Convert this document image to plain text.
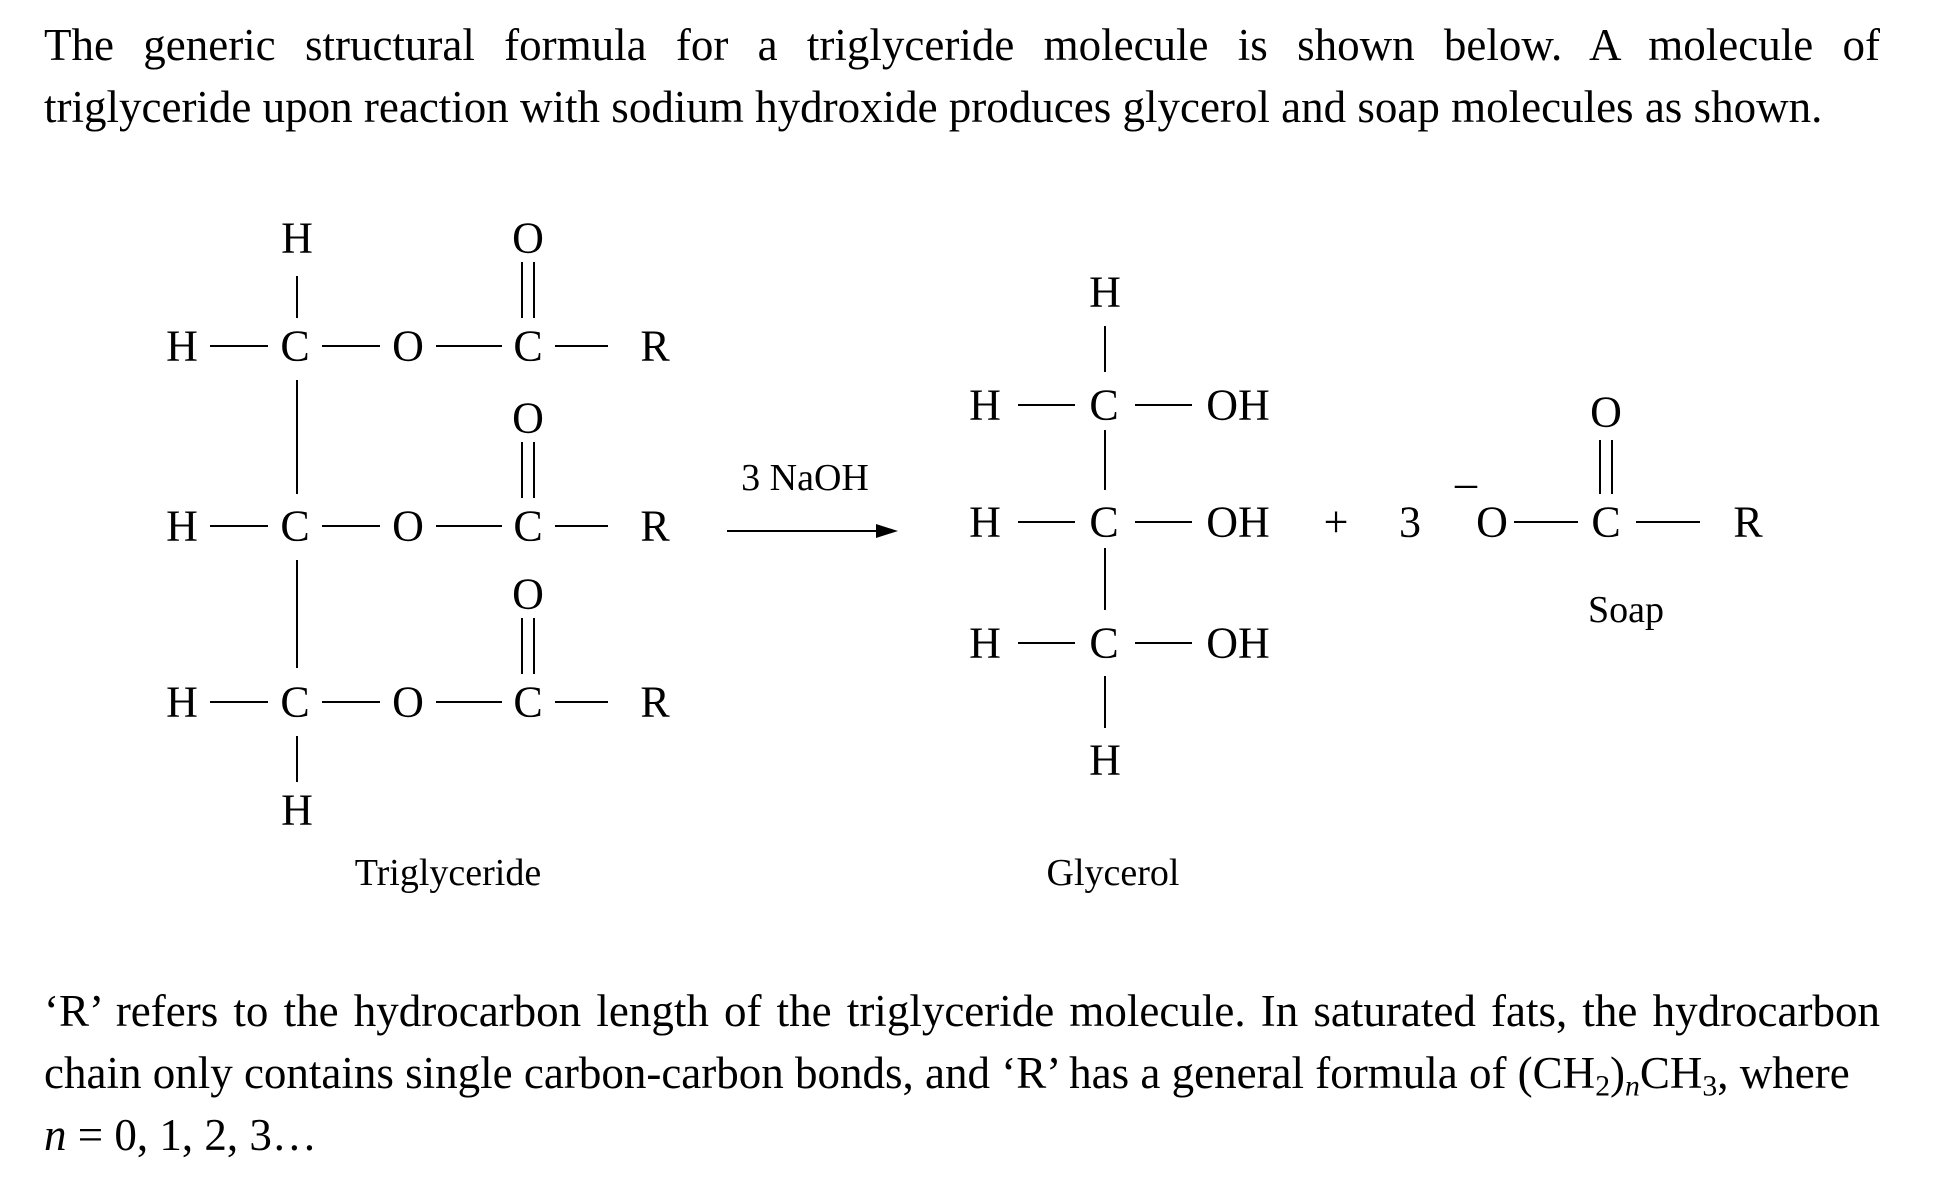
The generic structural formula for a triglyceride molecule is shown below. A molecule of
triglyceride upon reaction with sodium hydroxide produces glycerol and soap molecules as shown.
H	O
H C O C R
O
H C O C R
O
H C O C R
H
H
H C OH
H C OH
H C OH
H
+ 3
–
O C	R
O
3 NaOH
Triglyceride	Glycerol
Soap
‘R’ refers to the hydrocarbon length of the triglyceride molecule. In saturated fats, the hydrocarbon
chain only contains single carbon-carbon bonds, and ‘R’ has a general formula of $(CH_2)_nCH_3$, where
n = 0, 1, 2, 3…
